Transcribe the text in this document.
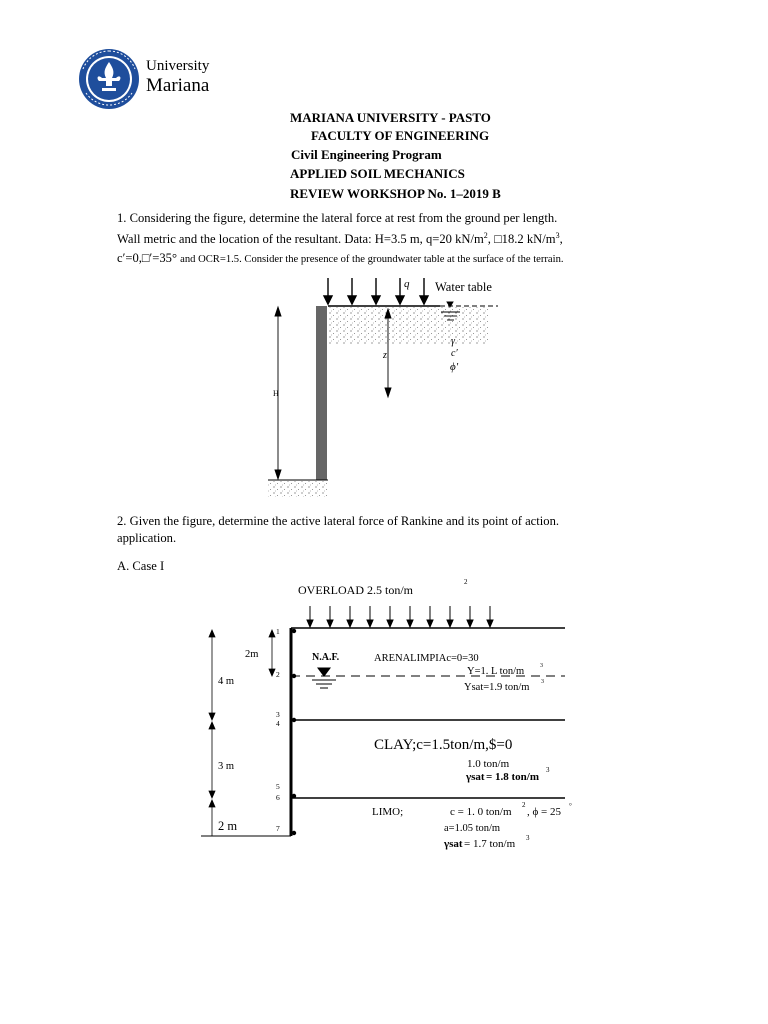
University
Mariana
MARIANA UNIVERSITY - PASTO
FACULTY OF ENGINEERING
Civil Engineering Program
APPLIED SOIL MECHANICS
REVIEW WORKSHOP No. 1–2019 B
1. Considering the figure, determine the lateral force at rest from the ground per length.
Wall metric and the location of the resultant. Data: H=3.5 m, q=20 $kN/m^2$, □18.2 $kN/m^3$,
c′=0,□′=35° and OCR=1.5. Consider the presence of the groundwater table at the surface of the terrain.
q Water table
H
z
γ
c′
ϕ′
2. Given the figure, determine the active lateral force of Rankine and its point of action.
application.
A. Case I
OVERLOAD 2.5 ton/m
2
N.A.F.
1
2
3
4
5
6
7
2m
4 m
3 m
2 m
ARENALIMPIAc=0=30
Y=1. L ton/m	3
Ysat=1.9 ton/m 3
CLAY;c=1.5ton/m,$=0
1.0 ton/m
γsat = 1.8 ton/m
3
LIMO;	c = 1. 0 ton/m
2
, ϕ = 25 °
a=1.05 ton/m
γsat = 1.7 ton/m 3
